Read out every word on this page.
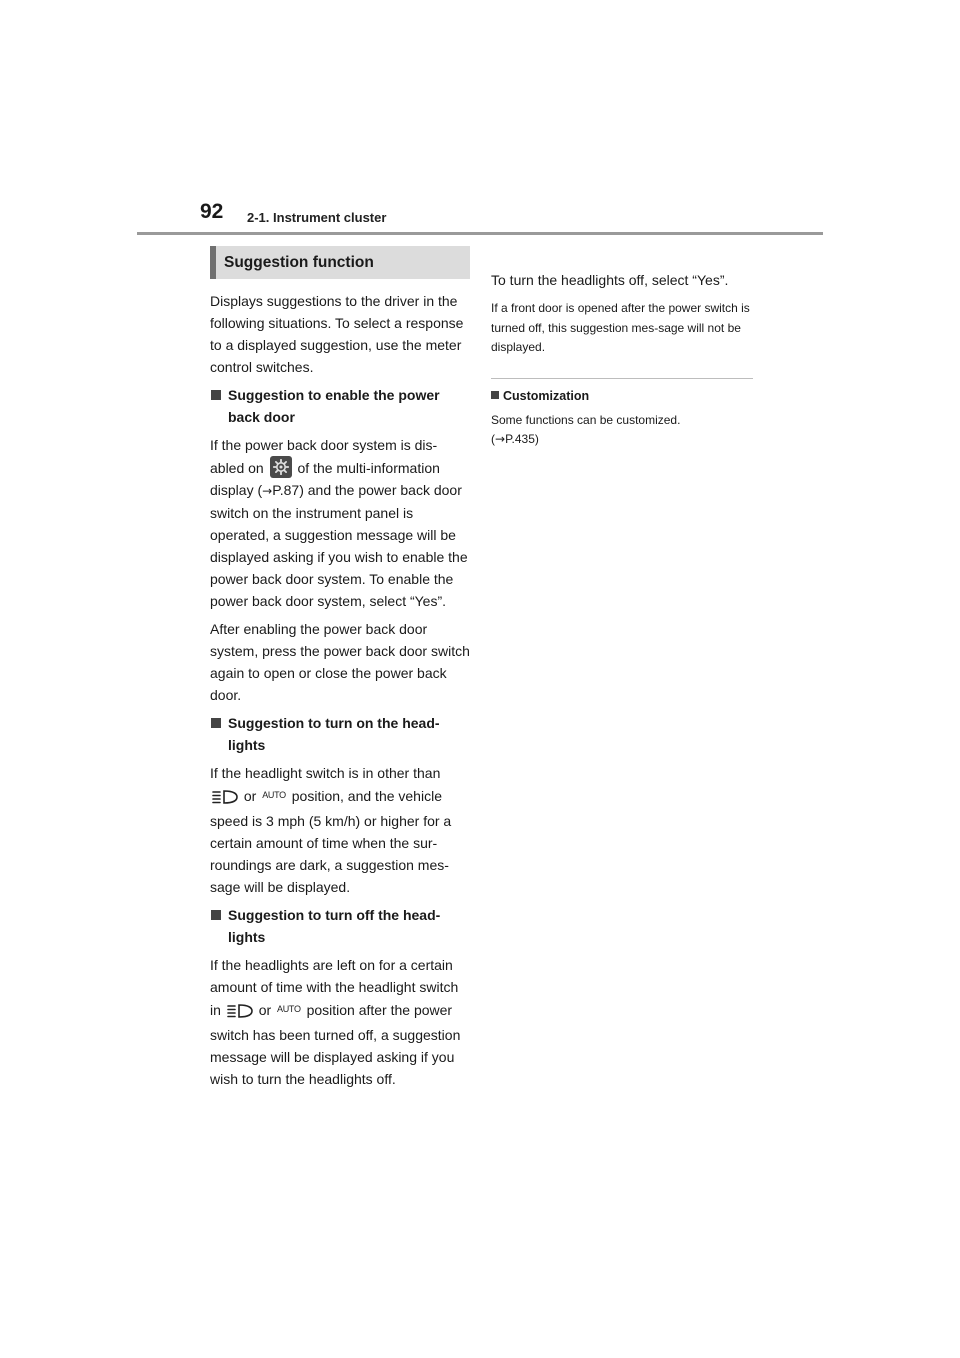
92 2-1. Instrument cluster
Suggestion function

Displays suggestions to the driver in the following situations. To select a response to a displayed suggestion, use the meter control switches.

Suggestion to enable the power back door

If the power back door system is dis-abled on of the multi-information display (→P.87) and the power back door switch on the instrument panel is operated, a suggestion message will be displayed asking if you wish to enable the power back door system. To enable the power back door system, select “Yes”.

After enabling the power back door system, press the power back door switch again to open or close the power back door.

Suggestion to turn on the head-lights

If the headlight switch is in other than  or AUTO position, and the vehicle speed is 3 mph (5 km/h) or higher for a certain amount of time when the sur-roundings are dark, a suggestion mes-sage will be displayed.

Suggestion to turn off the head-lights

If the headlights are left on for a certain amount of time with the headlight switch in	or AUTO position after the power switch has been turned off, a suggestion message will be displayed asking if you wish to turn the headlights off.

To turn the headlights off, select “Yes”.

If a front door is opened after the power switch is turned off, this suggestion mes-sage will not be displayed.

Customization

Some functions can be customized.
(→P.435)
